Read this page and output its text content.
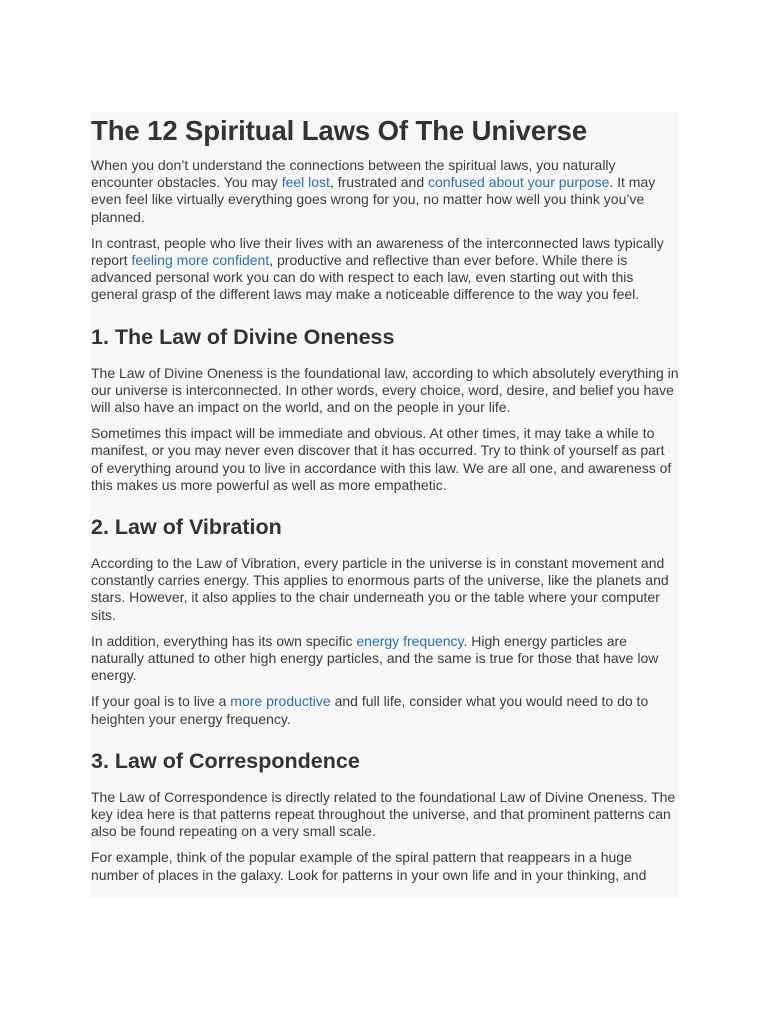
The 12 Spiritual Laws Of The Universe

When you don’t understand the connections between the spiritual laws, you naturally encounter obstacles. You may feel lost, frustrated and confused about your purpose. It may even feel like virtually everything goes wrong for you, no matter how well you think you’ve planned.

In contrast, people who live their lives with an awareness of the interconnected laws typically report feeling more confident, productive and reflective than ever before. While there is advanced personal work you can do with respect to each law, even starting out with this general grasp of the different laws may make a noticeable difference to the way you feel.

1. The Law of Divine Oneness

The Law of Divine Oneness is the foundational law, according to which absolutely everything in our universe is interconnected. In other words, every choice, word, desire, and belief you have will also have an impact on the world, and on the people in your life.

Sometimes this impact will be immediate and obvious. At other times, it may take a while to manifest, or you may never even discover that it has occurred. Try to think of yourself as part of everything around you to live in accordance with this law. We are all one, and awareness of this makes us more powerful as well as more empathetic.

2. Law of Vibration

According to the Law of Vibration, every particle in the universe is in constant movement and constantly carries energy. This applies to enormous parts of the universe, like the planets and stars. However, it also applies to the chair underneath you or the table where your computer sits.

In addition, everything has its own specific energy frequency. High energy particles are naturally attuned to other high energy particles, and the same is true for those that have low energy.

If your goal is to live a more productive and full life, consider what you would need to do to heighten your energy frequency.

3. Law of Correspondence

The Law of Correspondence is directly related to the foundational Law of Divine Oneness. The key idea here is that patterns repeat throughout the universe, and that prominent patterns can also be found repeating on a very small scale.

For example, think of the popular example of the spiral pattern that reappears in a huge number of places in the galaxy. Look for patterns in your own life and in your thinking, and
